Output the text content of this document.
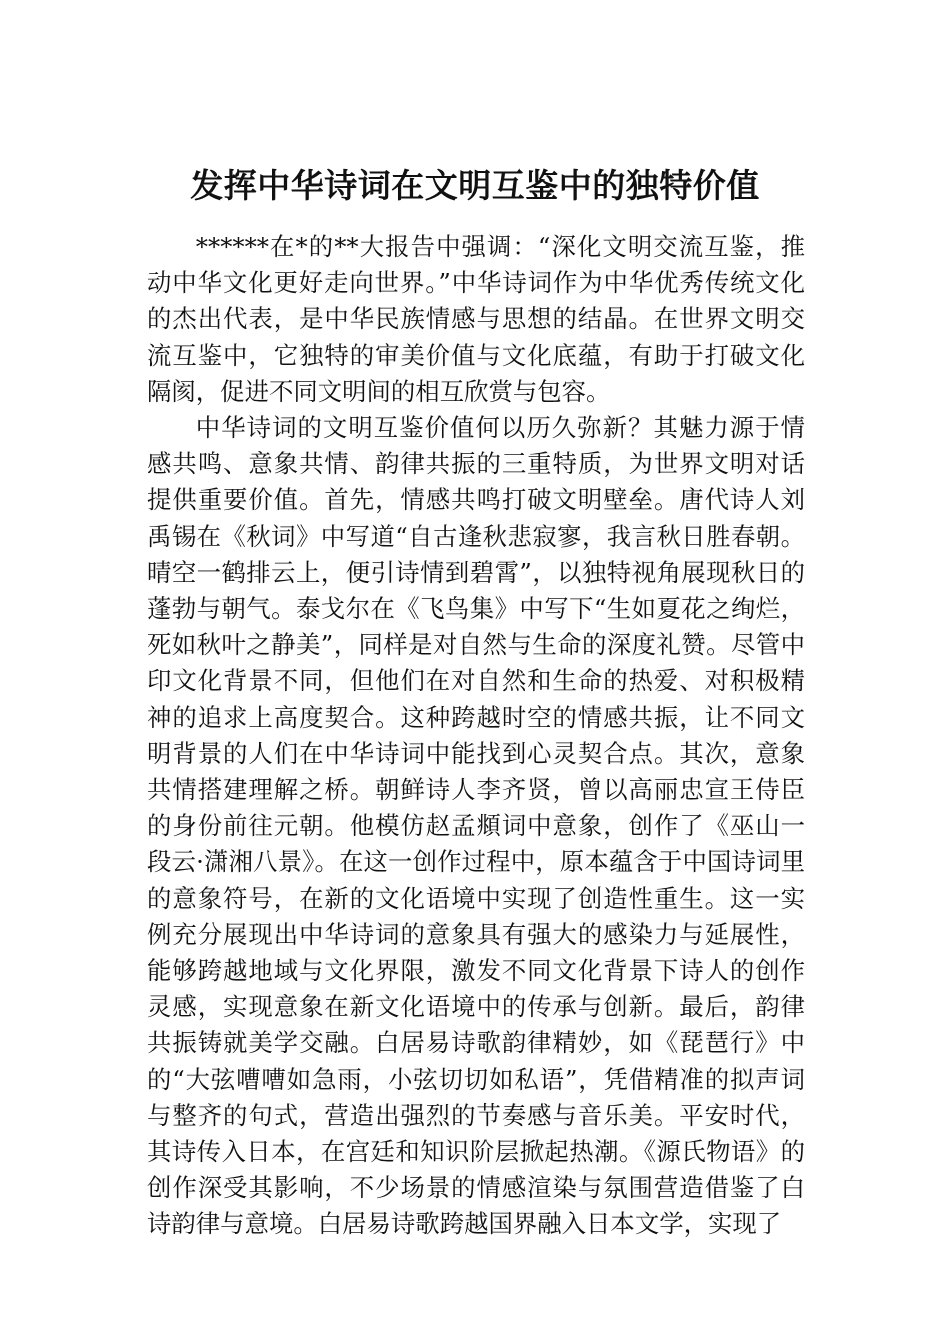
发挥中华诗词在文明互鉴中的独特价值

******在*的**大报告中强调：“深化文明交流互鉴，推动中华文化更好走向世界。”中华诗词作为中华优秀传统文化的杰出代表，是中华民族情感与思想的结晶。在世界文明交流互鉴中，它独特的审美价值与文化底蕴，有助于打破文化隔阂，促进不同文明间的相互欣赏与包容。

中华诗词的文明互鉴价值何以历久弥新？其魅力源于情感共鸣、意象共情、韵律共振的三重特质，为世界文明对话提供重要价值。首先，情感共鸣打破文明壁垒。唐代诗人刘禹锡在《秋词》中写道“自古逢秋悲寂寥，我言秋日胜春朝。晴空一鹤排云上，便引诗情到碧霄”，以独特视角展现秋日的蓬勃与朝气。泰戈尔在《飞鸟集》中写下“生如夏花之绚烂，死如秋叶之静美”，同样是对自然与生命的深度礼赞。尽管中印文化背景不同，但他们在对自然和生命的热爱、对积极精神的追求上高度契合。这种跨越时空的情感共振，让不同文明背景的人们在中华诗词中能找到心灵契合点。其次，意象共情搭建理解之桥。朝鲜诗人李齐贤，曾以高丽忠宣王侍臣的身份前往元朝。他模仿赵孟頫词中意象，创作了《巫山一段云·潇湘八景》。在这一创作过程中，原本蕴含于中国诗词里的意象符号，在新的文化语境中实现了创造性重生。这一实例充分展现出中华诗词的意象具有强大的感染力与延展性，能够跨越地域与文化界限，激发不同文化背景下诗人的创作灵感，实现意象在新文化语境中的传承与创新。最后，韵律共振铸就美学交融。白居易诗歌韵律精妙，如《琵琶行》中的“大弦嘈嘈如急雨，小弦切切如私语”，凭借精准的拟声词与整齐的句式，营造出强烈的节奏感与音乐美。平安时代，其诗传入日本，在宫廷和知识阶层掀起热潮。《源氏物语》的创作深受其影响，不少场景的情感渲染与氛围营造借鉴了白诗韵律与意境。白居易诗歌跨越国界融入日本文学，实现了
